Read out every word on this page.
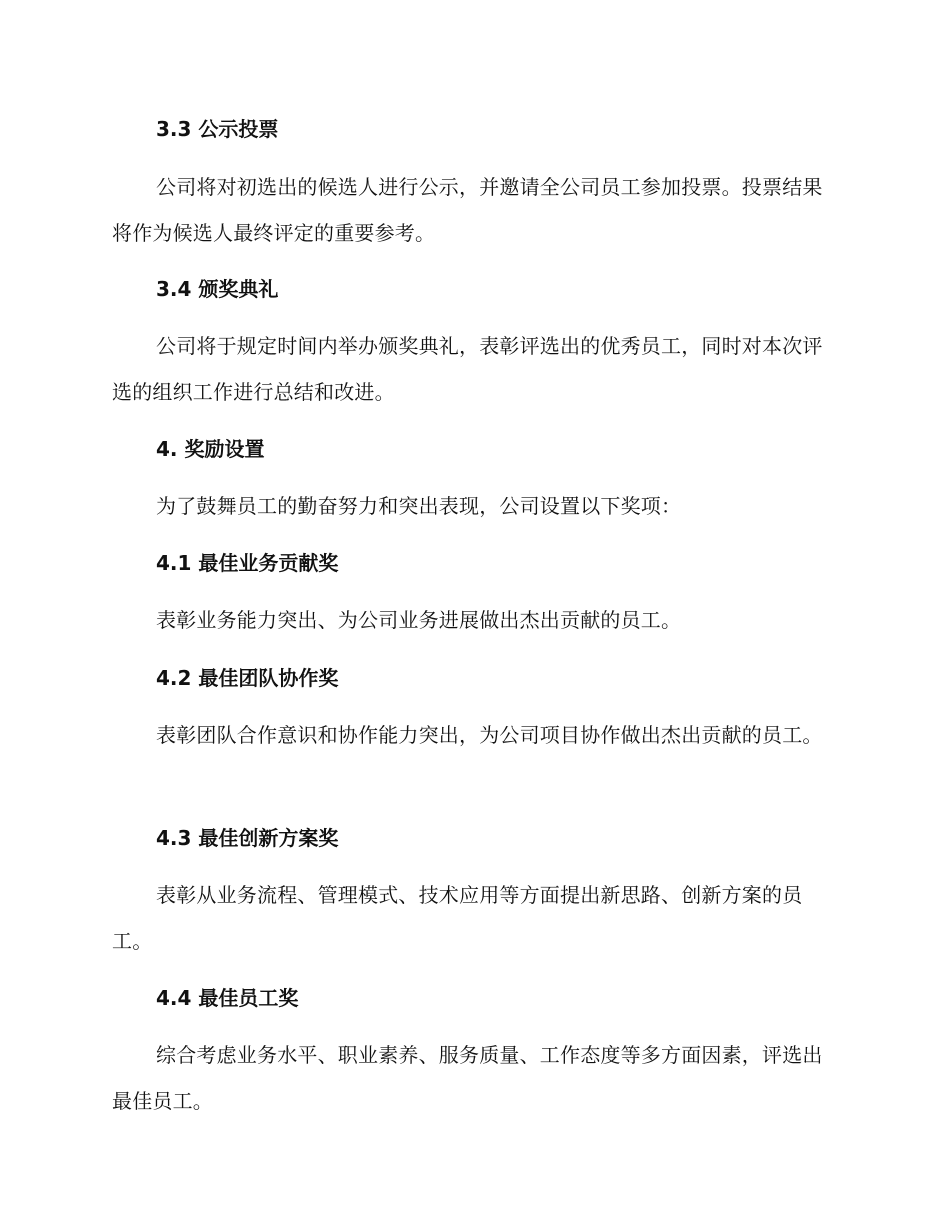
3.3 公示投票
公司将对初选出的候选人进行公示，并邀请全公司员工参加投票。投票结果将作为候选人最终评定的重要参考。
3.4 颁奖典礼
公司将于规定时间内举办颁奖典礼，表彰评选出的优秀员工，同时对本次评选的组织工作进行总结和改进。
4. 奖励设置
为了鼓舞员工的勤奋努力和突出表现，公司设置以下奖项：
4.1 最佳业务贡献奖
表彰业务能力突出、为公司业务进展做出杰出贡献的员工。
4.2 最佳团队协作奖
表彰团队合作意识和协作能力突出，为公司项目协作做出杰出贡献的员工。
4.3 最佳创新方案奖
表彰从业务流程、管理模式、技术应用等方面提出新思路、创新方案的员工。
4.4 最佳员工奖
综合考虑业务水平、职业素养、服务质量、工作态度等多方面因素，评选出最佳员工。
